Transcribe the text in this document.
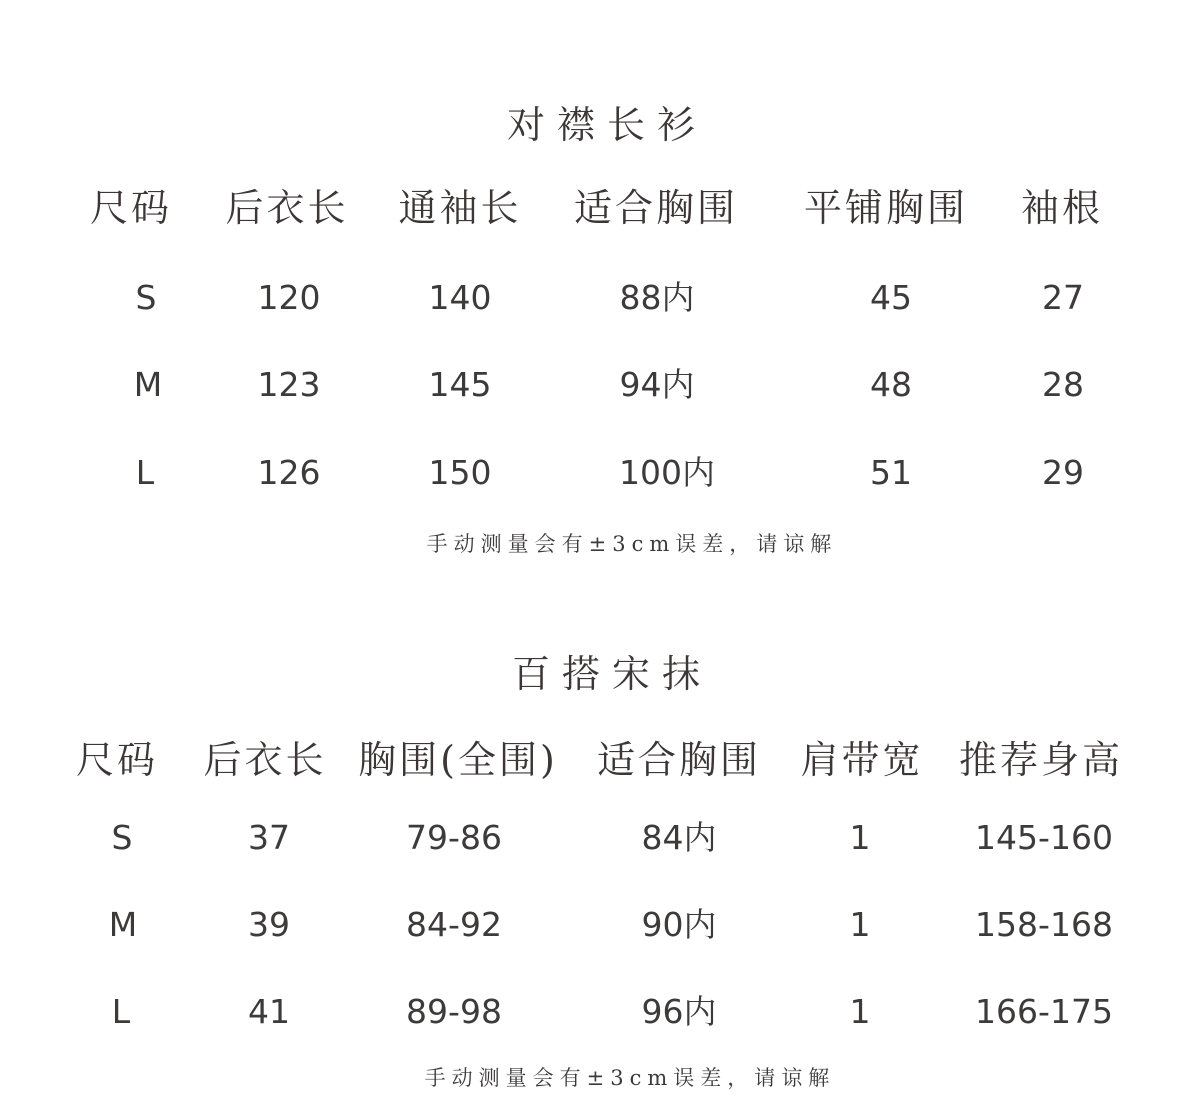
对襟长衫
尺码 后衣长 通袖长 适合胸围 平铺胸围 袖根
S	120	140	88内	45	27
M	123	145	94内	48	28
L	126	150	100内	51	29
手动测量会有±3cm误差，请谅解
百搭宋抹
尺码 后衣长 胸围(全围) 适合胸围 肩带宽 推荐身高
S	37	79-86	84内	1	145-160
M	39	84-92	90内	1	158-168
L	41	89-98	96内	1	166-175
手动测量会有±3cm误差，请谅解
